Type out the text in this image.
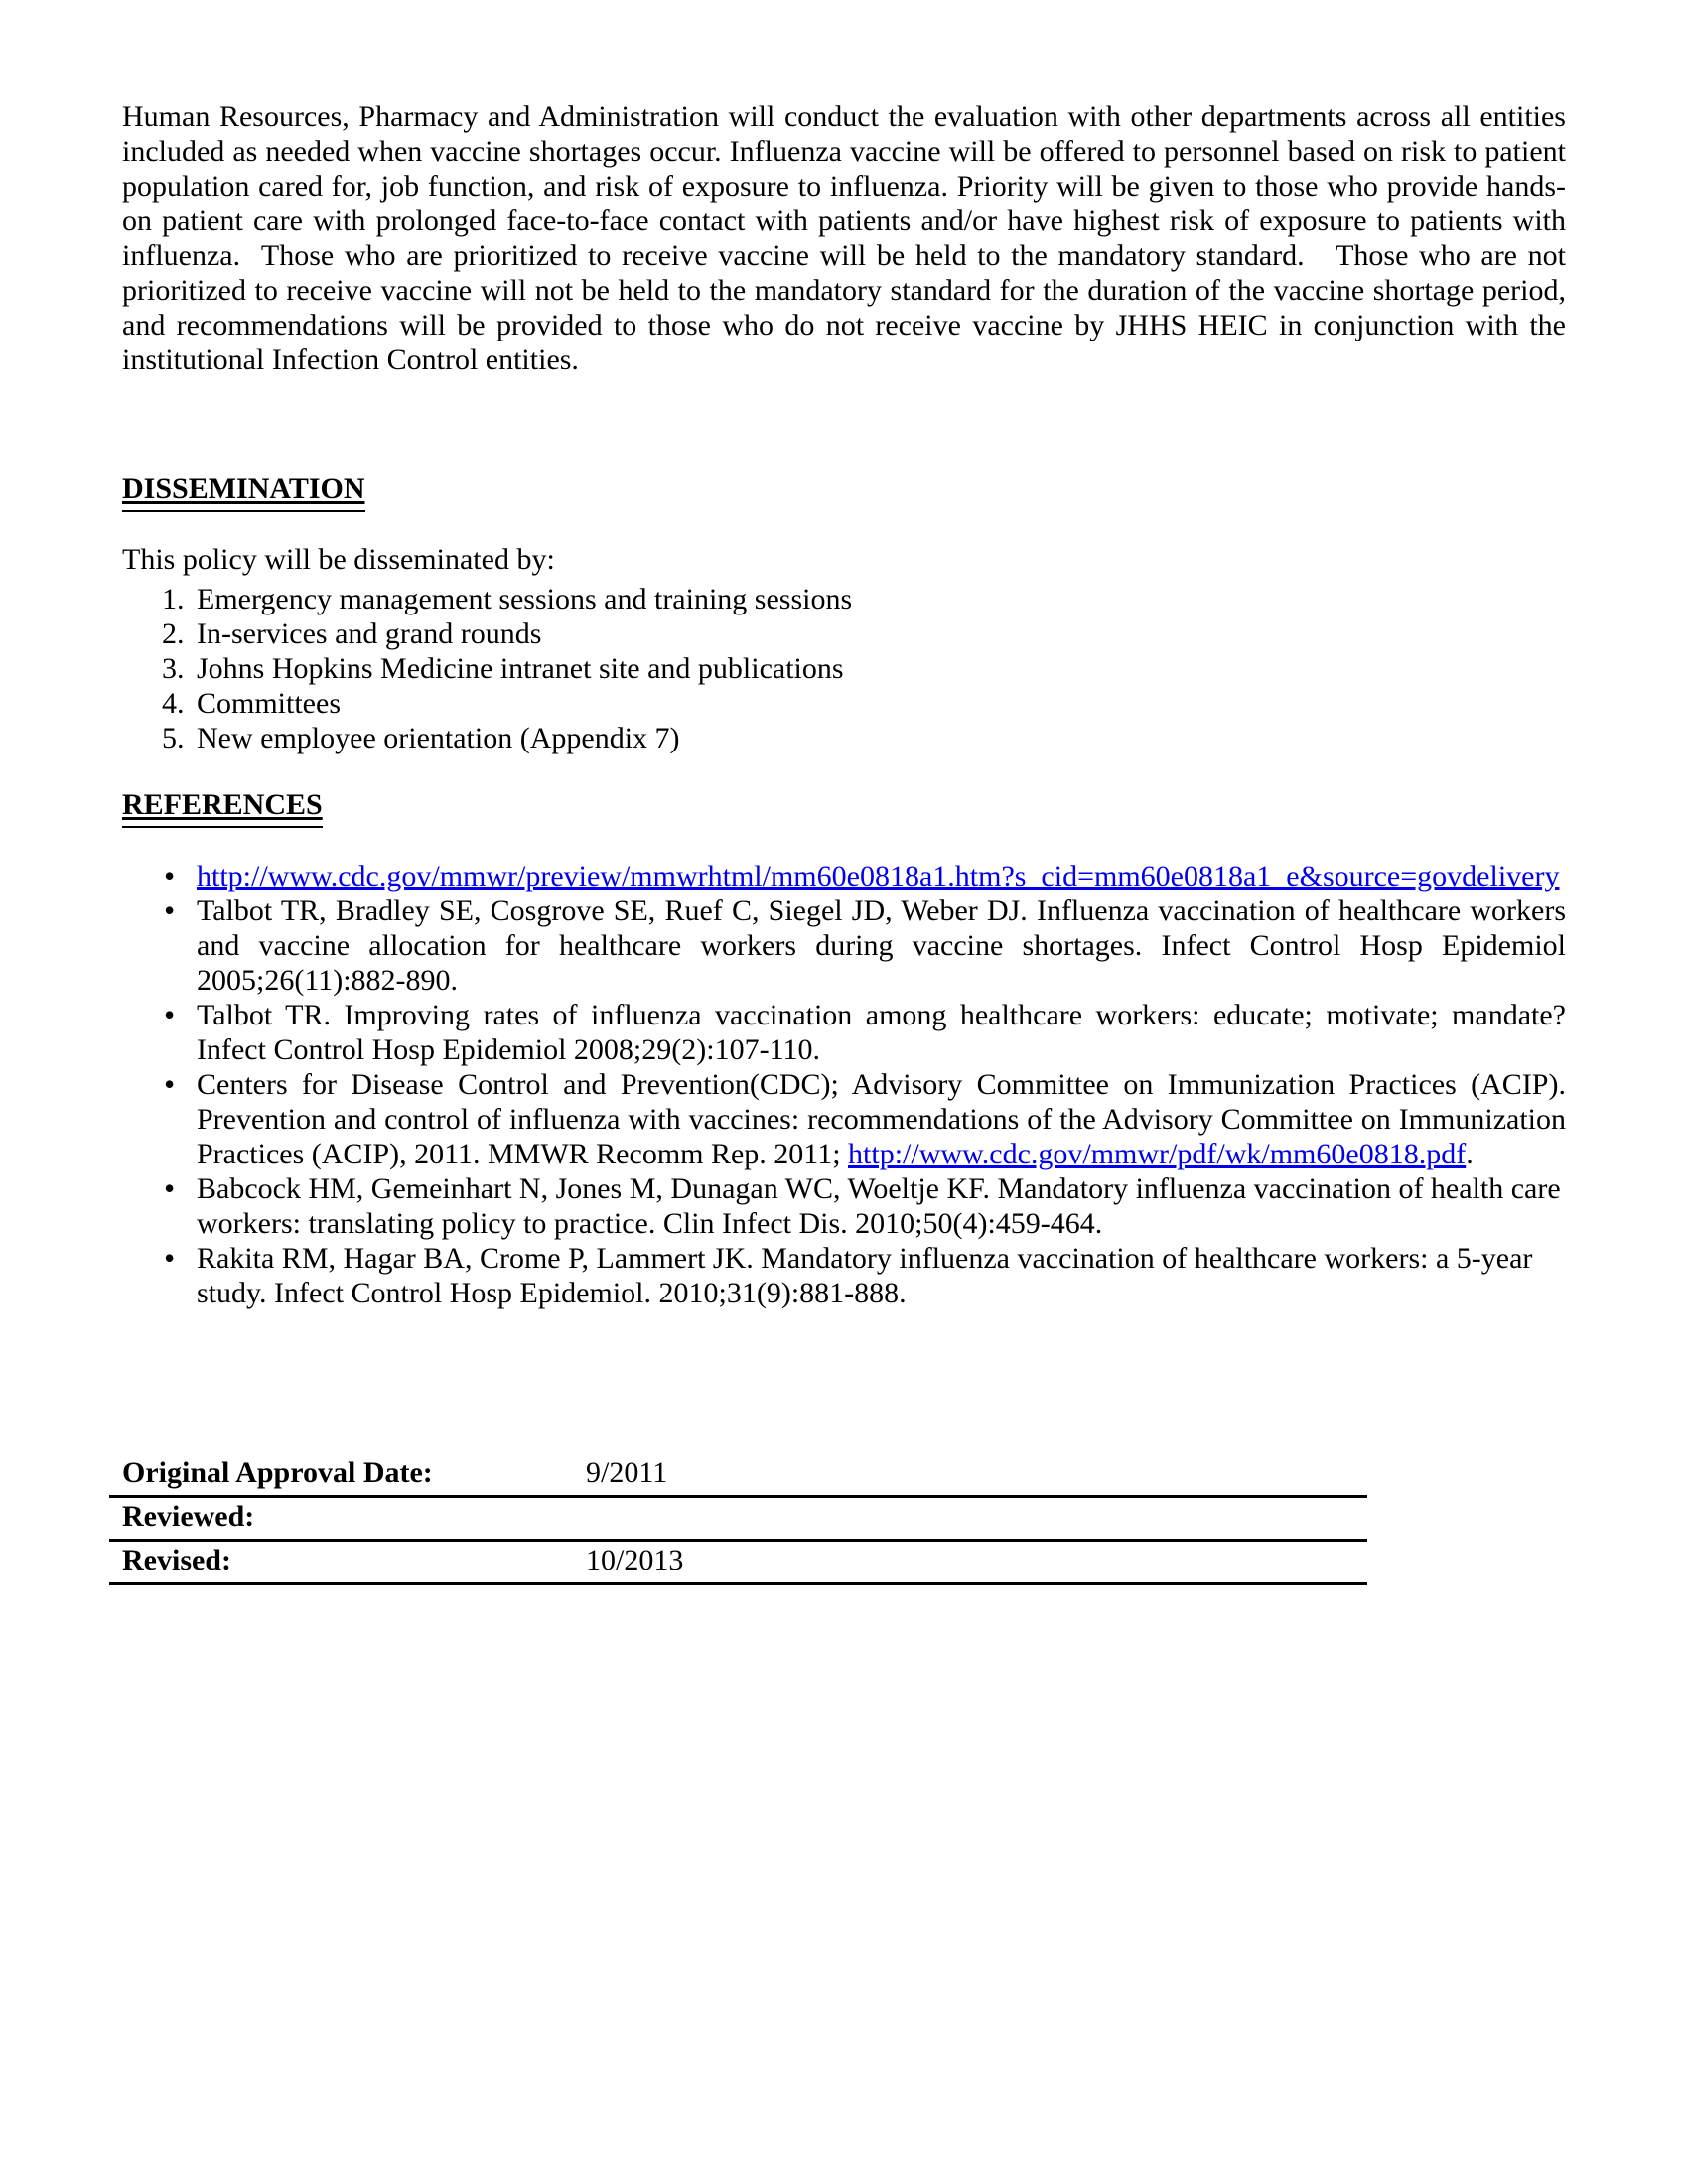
Human Resources, Pharmacy and Administration will conduct the evaluation with other departments across all entities included as needed when vaccine shortages occur. Influenza vaccine will be offered to personnel based on risk to patient population cared for, job function, and risk of exposure to influenza. Priority will be given to those who provide hands-on patient care with prolonged face-to-face contact with patients and/or have highest risk of exposure to patients with influenza.  Those who are prioritized to receive vaccine will be held to the mandatory standard.   Those who are not prioritized to receive vaccine will not be held to the mandatory standard for the duration of the vaccine shortage period, and recommendations will be provided to those who do not receive vaccine by JHHS HEIC in conjunction with the institutional Infection Control entities.

DISSEMINATION

This policy will be disseminated by:

Emergency management sessions and training sessions
In-services and grand rounds
Johns Hopkins Medicine intranet site and publications
Committees
New employee orientation (Appendix 7)
REFERENCES
• http://www.cdc.gov/mmwr/preview/mmwrhtml/mm60e0818a1.htm?s_cid=mm60e0818a1_e&source=govdelivery
• Talbot TR, Bradley SE, Cosgrove SE, Ruef C, Siegel JD, Weber DJ. Influenza vaccination of healthcare workers and vaccine allocation for healthcare workers during vaccine shortages. Infect Control Hosp Epidemiol 2005;26(11):882-890.
• Talbot TR. Improving rates of influenza vaccination among healthcare workers: educate; motivate; mandate? Infect Control Hosp Epidemiol 2008;29(2):107-110.
• Centers for Disease Control and Prevention(CDC); Advisory Committee on Immunization Practices (ACIP). Prevention and control of influenza with vaccines: recommendations of the Advisory Committee on Immunization Practices (ACIP), 2011. MMWR Recomm Rep. 2011; http://www.cdc.gov/mmwr/pdf/wk/mm60e0818.pdf.
• Babcock HM, Gemeinhart N, Jones M, Dunagan WC, Woeltje KF. Mandatory influenza vaccination of health care workers: translating policy to practice. Clin Infect Dis. 2010;50(4):459-464.
• Rakita RM, Hagar BA, Crome P, Lammert JK. Mandatory influenza vaccination of healthcare workers: a 5-year study. Infect Control Hosp Epidemiol. 2010;31(9):881-888.
Original Approval Date:	9/2011
Reviewed:	
Revised:	10/2013
